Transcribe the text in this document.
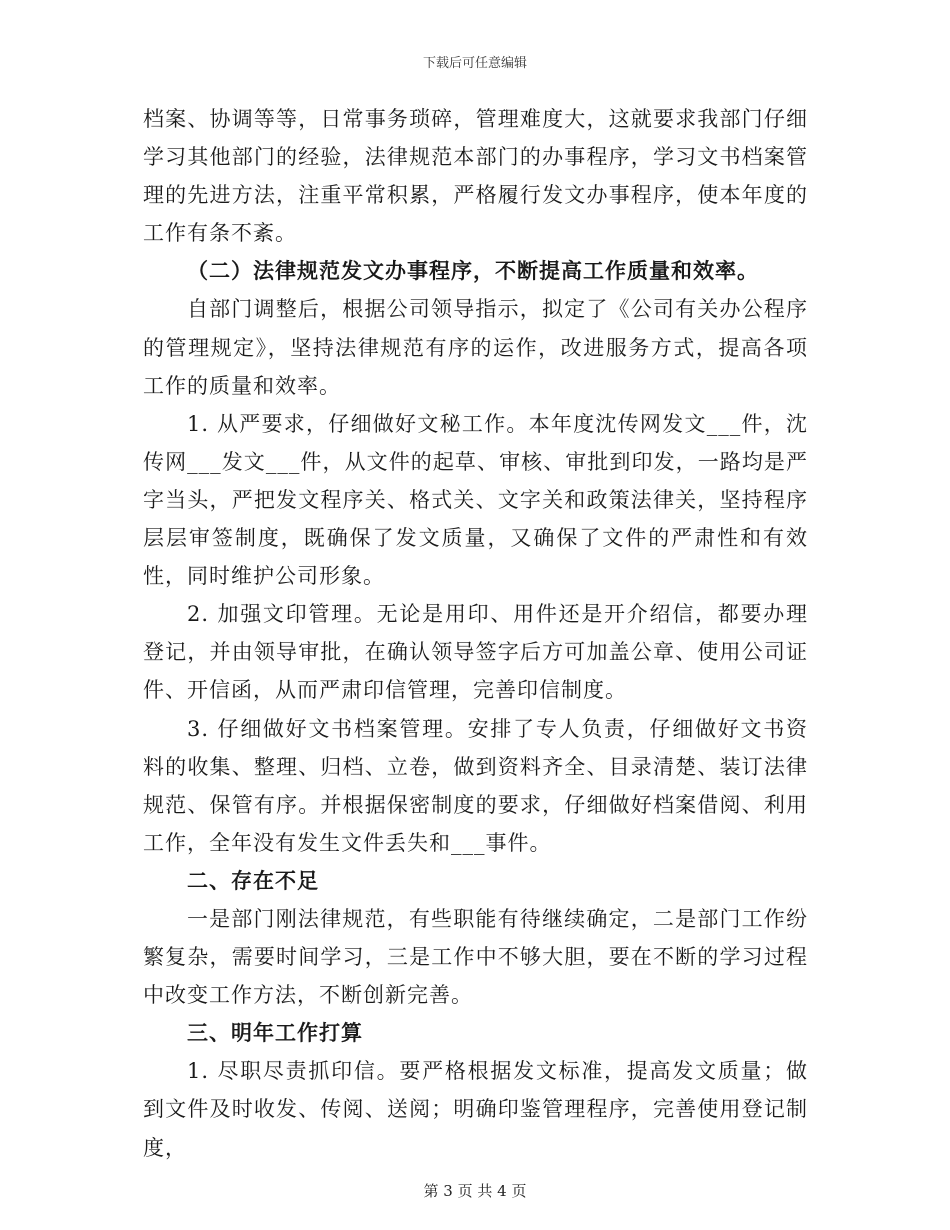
下载后可任意编辑

档案、协调等等，日常事务琐碎，管理难度大，这就要求我部门仔细学习其他部门的经验，法律规范本部门的办事程序，学习文书档案管理的先进方法，注重平常积累，严格履行发文办事程序，使本年度的工作有条不紊。

（二）法律规范发文办事程序，不断提高工作质量和效率。

自部门调整后，根据公司领导指示，拟定了《公司有关办公程序的管理规定》，坚持法律规范有序的运作，改进服务方式，提高各项工作的质量和效率。

1. 从严要求，仔细做好文秘工作。本年度沈传网发文___件，沈传网___发文___件，从文件的起草、审核、审批到印发，一路均是严字当头，严把发文程序关、格式关、文字关和政策法律关，坚持程序层层审签制度，既确保了发文质量，又确保了文件的严肃性和有效性，同时维护公司形象。

2. 加强文印管理。无论是用印、用件还是开介绍信，都要办理登记，并由领导审批，在确认领导签字后方可加盖公章、使用公司证件、开信函，从而严肃印信管理，完善印信制度。

3. 仔细做好文书档案管理。安排了专人负责，仔细做好文书资料的收集、整理、归档、立卷，做到资料齐全、目录清楚、装订法律规范、保管有序。并根据保密制度的要求，仔细做好档案借阅、利用工作，全年没有发生文件丢失和___事件。

二、存在不足

一是部门刚法律规范，有些职能有待继续确定，二是部门工作纷繁复杂，需要时间学习，三是工作中不够大胆，要在不断的学习过程中改变工作方法，不断创新完善。

三、明年工作打算

1. 尽职尽责抓印信。要严格根据发文标准，提高发文质量；做到文件及时收发、传阅、送阅；明确印鉴管理程序，完善使用登记制度，

第 3 页 共 4 页
